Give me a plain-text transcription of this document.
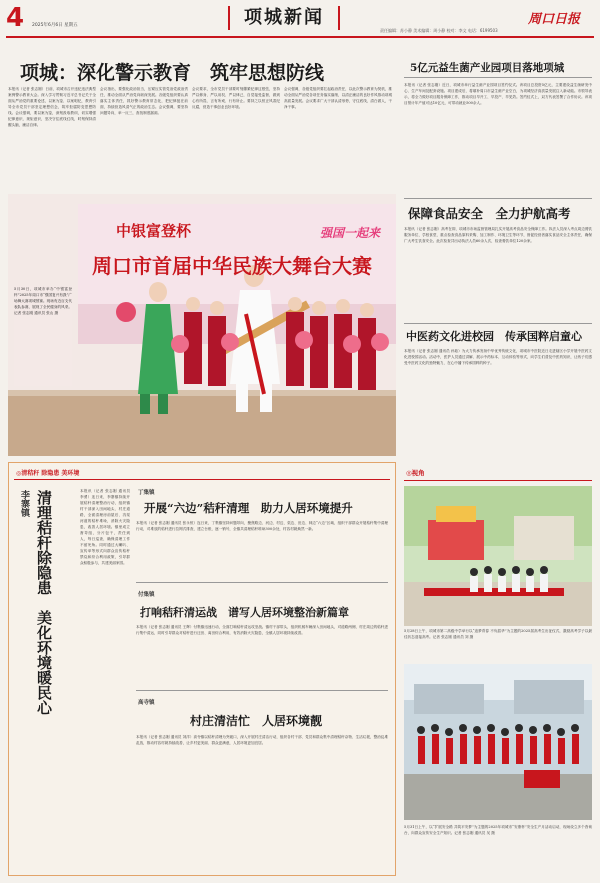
4 2025年6月6日 星期五	项城新闻	周口日报
责任编辑：苏小静 美术编辑：周小静 校对：李文 电话：6199503
项城：深化警示教育　筑牢思想防线
本报讯（记者 张志刚）日前，项城市召开违纪违法典型案例警示教育大会。深入学习贯彻习近平总书记关于全面从严治党的重要论述，以案为鉴、以案明纪，教育引导全市党员干部坚定理想信念，筑牢拒腐防变思想防线。会议强调，要以案为鉴，深刻汲取教训，切实增强纪律意识、规矩意识，坚决守住底线红线，时刻保持清醒头脑，廉洁自律。
会议指出，要强化政治担当，压紧压实管党治党政治责任，推动全面从严治党向纵深发展。各级党组织要认真落实主体责任，抓好警示教育常态化，把纪律挺在前面，持续营造风清气正的政治生态。会议强调，要坚持问题导向，举一反三，查找制度漏洞。
会议要求，全市党员干部要时刻绷紧纪律这根弦，坚持严以修身、严以用权、严以律己，自觉接受监督，做到心有所畏、言有所戒、行有所止。要持之以恒正风肃纪反腐，营造干事创业良好环境。
会议强调，各级党组织要扛起政治责任，以此次警示教育为契机，推动全面从严治党各项任务落实落细，以清正廉洁的良好作风推动项城高质量发展。会议要求广大干部认清形势，守住底线，清白做人，干净干事。
中银富登杯	强国一起来
周口市首届中华民族大舞台大赛
5月30日，项城市举办“中银富登杯”2025年周口市“强国复兴有我”广场舞大赛项城预赛。现场有近百支代表队参赛，展现了全民健身的风采。记者 张志刚 通讯员 张山 摄
5亿元益生菌产业园项目落地项城
本报讯（记者 张志刚）近日，项城市举行益生菌产业园项目签约仪式。该项目总投资5亿元，主要建设益生菌研发中心、生产车间及配套设施。项目建成后，将填补周口市益生菌产业空白，为项城经济高质量发展注入新动能。市领导表示，将全力做好项目服务保障工作，推动项目早开工、早投产、早见效。签约仪式上，双方代表签署了合作协议。该项目预计年产值可达10亿元，可带动就业500余人。
保障食品安全　全力护航高考
本报讯（记者 张志刚）高考在即，项城市市场监督管理局扎实开展高考食品安全保障工作。执法人员深入考点周边餐饮服务单位、学校食堂，重点检查食品原料采购、加工制作、环境卫生等环节，督促经营者落实食品安全主体责任，确保广大考生饮食安全。此次检查共出动执法人员60余人次，检查餐饮单位120余家。
中医药文化进校园　传承国粹启童心
本报讯（记者 张志刚 通讯员 孙茹）为大力传承发扬中华优秀传统文化，项城市中医院近日走进辖区小学开展中医药文化进校园活动。活动中，医护人员通过讲解、展示中药标本、互动体验等形式，向学生们普及中医药知识，让孩子们感受中医药文化的独特魅力，在心中播下传承国粹的种子。
◎清秸秆 除隐患 美环境
李寨镇 清理秸秆除隐患　美化环境暖民心	本报讯（记者 张志刚 通讯员 李勇）连日来，李寨镇持续开展秸秆清理整治行动，组织镇村干部深入田间地头、村庄道路，全面清理房前屋后、沟渠河道的秸秆堆垛，消除火灾隐患，改善人居环境。镇里成立督导组，分片包干，责任到人，每日巡查，确保清理工作不留死角。同时通过大喇叭、宣传单等形式向群众宣传秸秆禁烧和综合利用政策，引导群众积极参与，共建美丽家园。
丁集镇
开展“六边”秸秆清理　助力人居环境提升
本报讯（记者 张志刚 通讯员 张永恒）连日来，丁集镇坚持问题导向，聚焦路边、河边、村边、渠边、田边、林边“六边”区域，组织干部群众开展秸秆集中清理行动，对堆放的秸秆进行拉网式排查，建立台账，逐一销号，全镇共清理秸秆堆垛300余处，村容村貌焕然一新。
付集镇
打响秸秆清运战　谱写人居环境整治新篇章
本报讯（记者 张志刚 通讯员 王辉）付集镇迅速行动，全面打响秸秆清运攻坚战。镇村干部带头，组织机械车辆深入田间地头，对道路两侧、村庄周边的秸秆进行集中清运，同时引导群众对秸秆进行还田、离田综合利用，有效消除火灾隐患，全镇人居环境持续改善。
高寺镇
村庄清洁忙　人居环境靓
本报讯（记者 张志刚 通讯员 刘洋）高寺镇以秸秆清理为突破口，深入开展村庄清洁行动，组织各村干部、党员和群众集中清理秸秆杂物、生活垃圾，整治乱堆乱放，推动村容村貌持续改善，让乡村更美丽、群众更满意，人居环境更加宜居。
◎视角
5月28日上午，项城市第二高级中学举行以“追梦青春 不负韶华”为主题的2025届高考生出征仪式，激励高考学子以最佳状态迎接高考。记者 张志刚 通讯员 刘 摄
5月31日上午，以“扩展安全路 共筑平安梦”为主题的2025年项城市“安康杯”安全生产月活动启动，现场设立多个咨询台，向群众宣传安全生产知识。记者 张志刚 通讯员 吴 摄
